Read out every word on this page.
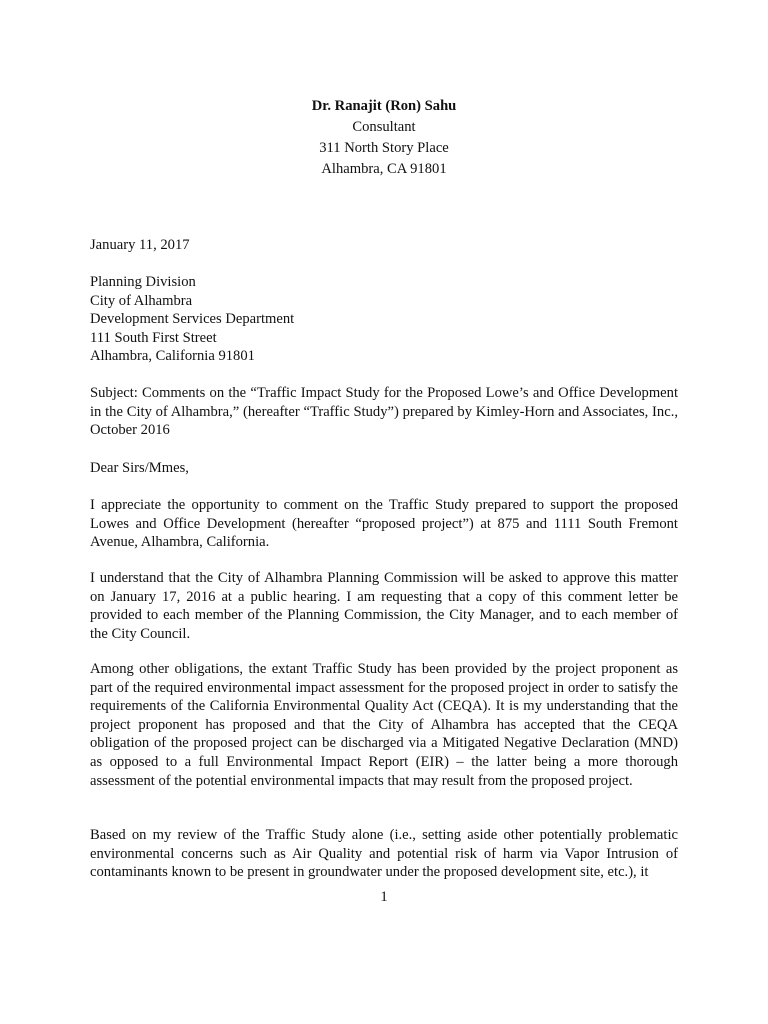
Dr. Ranajit (Ron) Sahu
Consultant
311 North Story Place
Alhambra, CA 91801
January 11, 2017
Planning Division
City of Alhambra
Development Services Department
111 South First Street
Alhambra, California 91801
Subject: Comments on the “Traffic Impact Study for the Proposed Lowe’s and Office Development in the City of Alhambra,” (hereafter “Traffic Study”) prepared by Kimley-Horn and Associates, Inc., October 2016
Dear Sirs/Mmes,
I appreciate the opportunity to comment on the Traffic Study prepared to support the proposed Lowes and Office Development (hereafter “proposed project”) at 875 and 1111 South Fremont Avenue, Alhambra, California.
I understand that the City of Alhambra Planning Commission will be asked to approve this matter on January 17, 2016 at a public hearing. I am requesting that a copy of this comment letter be provided to each member of the Planning Commission, the City Manager, and to each member of the City Council.
Among other obligations, the extant Traffic Study has been provided by the project proponent as part of the required environmental impact assessment for the proposed project in order to satisfy the requirements of the California Environmental Quality Act (CEQA). It is my understanding that the project proponent has proposed and that the City of Alhambra has accepted that the CEQA obligation of the proposed project can be discharged via a Mitigated Negative Declaration (MND) as opposed to a full Environmental Impact Report (EIR) – the latter being a more thorough assessment of the potential environmental impacts that may result from the proposed project.
Based on my review of the Traffic Study alone (i.e., setting aside other potentially problematic environmental concerns such as Air Quality and potential risk of harm via Vapor Intrusion of contaminants known to be present in groundwater under the proposed development site, etc.), it
1
